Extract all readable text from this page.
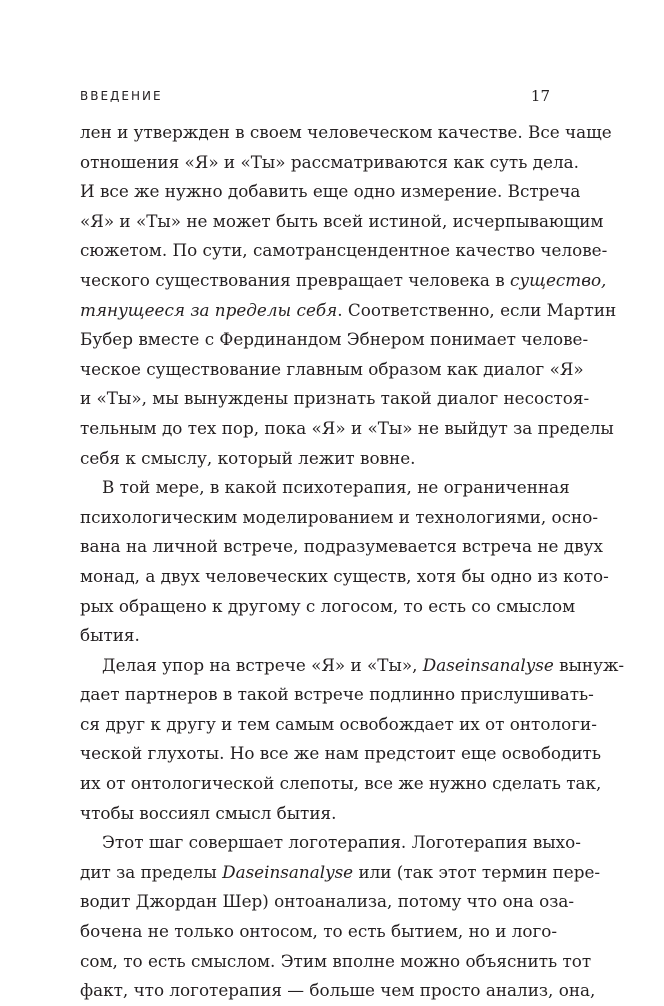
ВВЕДЕНИЕ	17
лен и утвержден в своем человеческом качестве. Все чаще
отношения «Я» и «Ты» рассматриваются как суть дела.
И все же нужно добавить еще одно измерение. Встреча
«Я» и «Ты» не может быть всей истиной, исчерпывающим
сюжетом. По сути, самотрансцендентное качество челове-
ческого существования превращает человека в существо,
тянущееся за пределы себя. Соответственно, если Мартин
Бубер вместе с Фердинандом Эбнером понимает челове-
ческое существование главным образом как диалог «Я»
и «Ты», мы вынуждены признать такой диалог несостоя-
тельным до тех пор, пока «Я» и «Ты» не выйдут за пределы
себя к смыслу, который лежит вовне.
В той мере, в какой психотерапия, не ограниченная
психологическим моделированием и технологиями, осно-
вана на личной встрече, подразумевается встреча не двух
монад, а двух человеческих существ, хотя бы одно из кото-
рых обращено к другому с логосом, то есть со смыслом
бытия.
Делая упор на встрече «Я» и «Ты», Daseinsanalyse вынуж-
дает партнеров в такой встрече подлинно прислушивать-
ся друг к другу и тем самым освобождает их от онтологи-
ческой глухоты. Но все же нам предстоит еще освободить
их от онтологической слепоты, все же нужно сделать так,
чтобы воссиял смысл бытия.
Этот шаг совершает логотерапия. Логотерапия выхо-
дит за пределы Daseinsanalyse или (так этот термин пере-
водит Джордан Шер) онтоанализа, потому что она оза-
бочена не только онтосом, то есть бытием, но и лого-
сом, то есть смыслом. Этим вполне можно объяснить тот
факт, что логотерапия — больше чем просто анализ, она,
